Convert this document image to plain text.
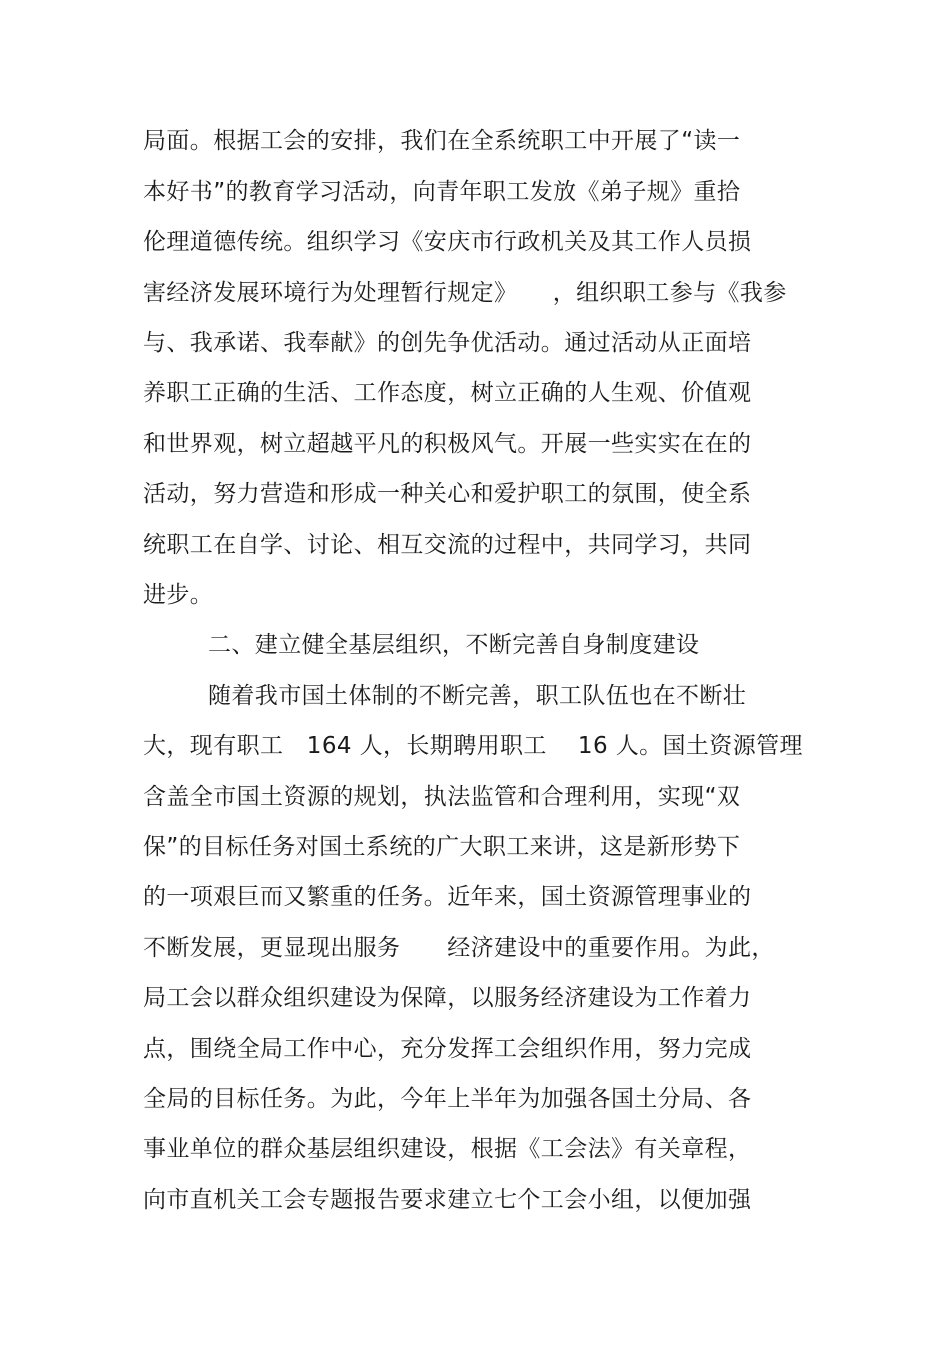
局面。根据工会的安排，我们在全系统职工中开展了“读一
本好书”的教育学习活动，向青年职工发放《弟子规》重拾
伦理道德传统。组织学习《安庆市行政机关及其工作人员损
害经济发展环境行为处理暂行规定》　　，组织职工参与《我参
与、我承诺、我奉献》的创先争优活动。通过活动从正面培
养职工正确的生活、工作态度，树立正确的人生观、价值观
和世界观，树立超越平凡的积极风气。开展一些实实在在的
活动，努力营造和形成一种关心和爱护职工的氛围，使全系
统职工在自学、讨论、相互交流的过程中，共同学习，共同
进步。
二、建立健全基层组织，不断完善自身制度建设
随着我市国土体制的不断完善，职工队伍也在不断壮
大，现有职工　164 人，长期聘用职工　 16 人。国土资源管理
含盖全市国土资源的规划，执法监管和合理利用，实现“双
保”的目标任务对国土系统的广大职工来讲，这是新形势下
的一项艰巨而又繁重的任务。近年来，国土资源管理事业的
不断发展，更显现出服务　　经济建设中的重要作用。为此，
局工会以群众组织建设为保障，以服务经济建设为工作着力
点，围绕全局工作中心，充分发挥工会组织作用，努力完成
全局的目标任务。为此，今年上半年为加强各国土分局、各
事业单位的群众基层组织建设，根据《工会法》有关章程，
向市直机关工会专题报告要求建立七个工会小组，以便加强
